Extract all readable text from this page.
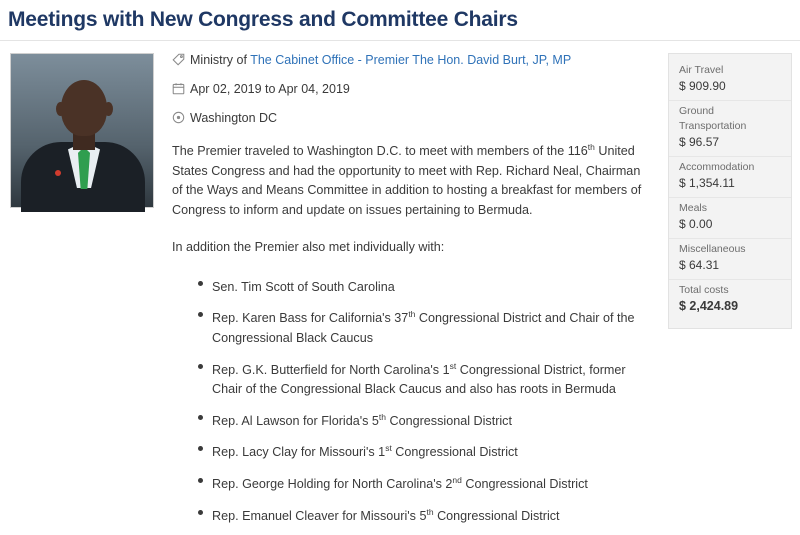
Meetings with New Congress and Committee Chairs
Ministry of The Cabinet Office - Premier The Hon. David Burt, JP, MP
Apr 02, 2019 to Apr 04, 2019
Washington DC

The Premier traveled to Washington D.C. to meet with members of the 116th United States Congress and had the opportunity to meet with Rep. Richard Neal, Chairman of the Ways and Means Committee in addition to hosting a breakfast for members of Congress to inform and update on issues pertaining to Bermuda.

In addition the Premier also met individually with:

Sen. Tim Scott of South Carolina
Rep. Karen Bass for California's 37th Congressional District and Chair of the Congressional Black Caucus
Rep. G.K. Butterfield for North Carolina's 1st Congressional District, former Chair of the Congressional Black Caucus and also has roots in Bermuda
Rep. Al Lawson for Florida's 5th Congressional District
Rep. Lacy Clay for Missouri's 1st Congressional District
Rep. George Holding for North Carolina's 2nd Congressional District
Rep. Emanuel Cleaver for Missouri's 5th Congressional District
Air Travel
$ 909.90
Ground Transportation
$ 96.57
Accommodation
$ 1,354.11
Meals
$ 0.00
Miscellaneous
$ 64.31
Total costs
$ 2,424.89
